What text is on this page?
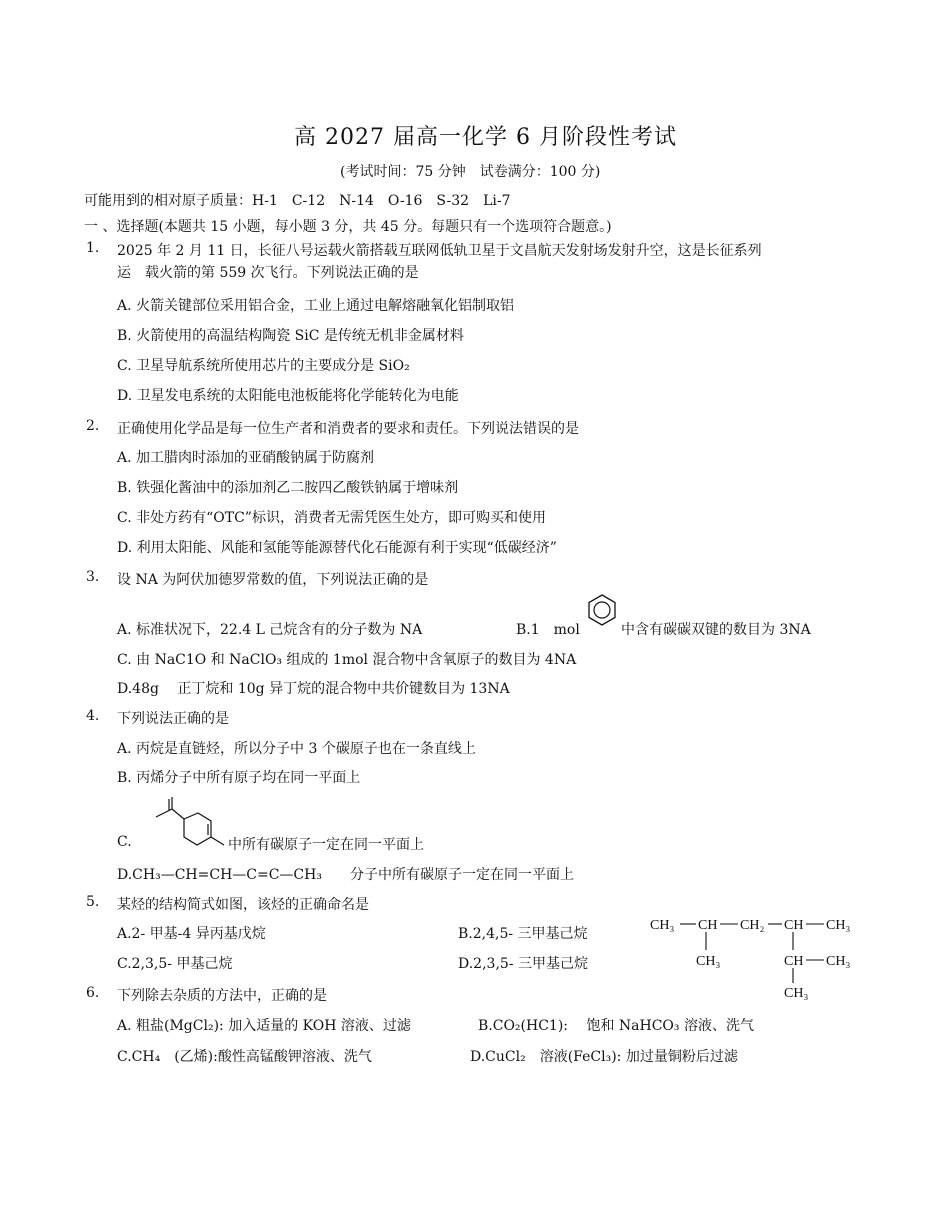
高 2027 届高一化学 6 月阶段性考试
(考试时间：75 分钟　试卷满分：100 分)
可能用到的相对原子质量：H-1　C-12　N-14　O-16　S-32　Li-7
一 、选择题(本题共 15 小题，每小题 3 分，共 45 分。每题只有一个选项符合题意。)
1. 2025 年 2 月 11 日，长征八号运载火箭搭载互联网低轨卫星于文昌航天发射场发射升空，这是长征系列
运　载火箭的第 559 次飞行。下列说法正确的是
A. 火箭关键部位采用铝合金，工业上通过电解熔融氧化铝制取铝
B. 火箭使用的高温结构陶瓷 SiC 是传统无机非金属材料
C. 卫星导航系统所使用芯片的主要成分是 SiO₂
D. 卫星发电系统的太阳能电池板能将化学能转化为电能
2. 正确使用化学品是每一位生产者和消费者的要求和责任。下列说法错误的是
A. 加工腊肉时添加的亚硝酸钠属于防腐剂
B. 铁强化酱油中的添加剂乙二胺四乙酸铁钠属于增味剂
C. 非处方药有“OTC”标识，消费者无需凭医生处方，即可购买和使用
D. 利用太阳能、风能和氢能等能源替代化石能源有利于实现“低碳经济”
3. 设 NA 为阿伏加德罗常数的值，下列说法正确的是
A. 标准状况下，22.4 L 己烷含有的分子数为 NA	B.1　mol	中含有碳碳双键的数目为 3NA
C. 由 NaC1O 和 NaClO₃ 组成的 1mol 混合物中含氧原子的数目为 4NA
D.48g　 正丁烷和 10g 异丁烷的混合物中共价键数目为 13NA
4. 下列说法正确的是
A. 丙烷是直链烃，所以分子中 3 个碳原子也在一条直线上
B. 丙烯分子中所有原子均在同一平面上
C.	中所有碳原子一定在同一平面上
D.CH₃—CH=CH—C=C—CH₃　　分子中所有碳原子一定在同一平面上
5. 某烃的结构简式如图，该烃的正确命名是
A.2- 甲基-4 异丙基戊烷	B.2,4,5- 三甲基己烷
C.2,3,5- 甲基己烷	D.2,3,5- 三甲基己烷
CH₃ CH CH₂ CH CH₃
CH₃	CH CH₃
CH₃
6. 下列除去杂质的方法中，正确的是
A. 粗盐(MgCl₂): 加入适量的 KOH 溶液、过滤	B.CO₂(HC1):　 饱和 NaHCO₃ 溶液、洗气
C.CH₄　(乙烯):酸性高锰酸钾溶液、洗气	D.CuCl₂　溶液(FeCl₃): 加过量铜粉后过滤
